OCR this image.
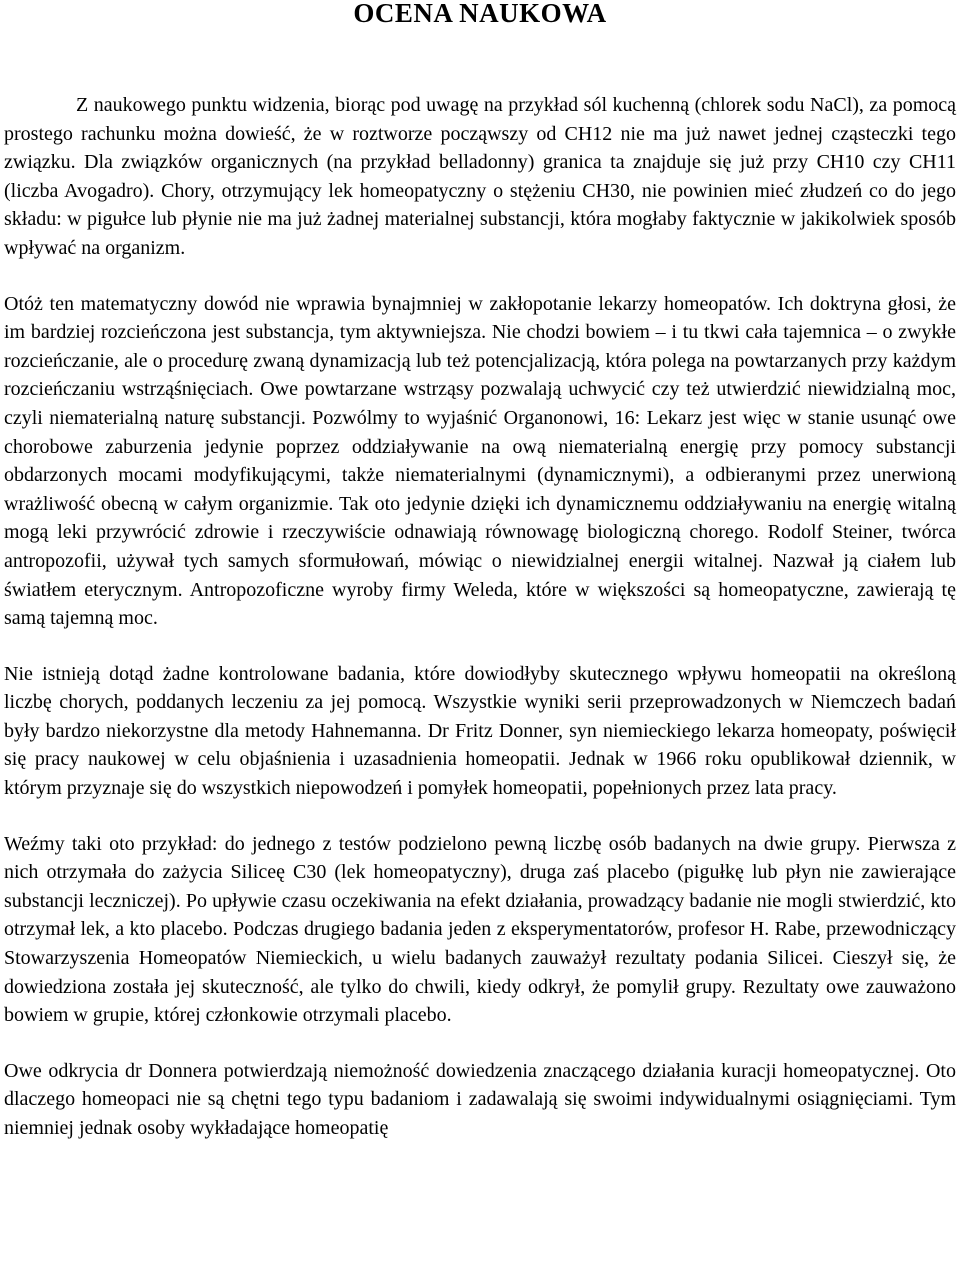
OCENA NAUKOWA

Z naukowego punktu widzenia, biorąc pod uwagę na przykład sól kuchenną (chlorek sodu NaCl), za pomocą prostego rachunku można dowieść, że w roztworze począwszy od CH12 nie ma już nawet jednej cząsteczki tego związku. Dla związków organicznych (na przykład belladonny) granica ta znajduje się już przy CH10 czy CH11 (liczba Avogadro). Chory, otrzymujący lek homeopatyczny o stężeniu CH30, nie powinien mieć złudzeń co do jego składu: w pigułce lub płynie nie ma już żadnej materialnej substancji, która mogłaby faktycznie w jakikolwiek sposób wpływać na organizm.

Otóż ten matematyczny dowód nie wprawia bynajmniej w zakłopotanie lekarzy homeopatów. Ich doktryna głosi, że im bardziej rozcieńczona jest substancja, tym aktywniejsza. Nie chodzi bowiem – i tu tkwi cała tajemnica – o zwykłe rozcieńczanie, ale o procedurę zwaną dynamizacją lub też potencjalizacją, która polega na powtarzanych przy każdym rozcieńczaniu wstrząśnięciach. Owe powtarzane wstrząsy pozwalają uchwycić czy też utwierdzić niewidzialną moc, czyli niematerialną naturę substancji. Pozwólmy to wyjaśnić Organonowi, 16: Lekarz jest więc w stanie usunąć owe chorobowe zaburzenia jedynie poprzez oddziaływanie na ową niematerialną energię przy pomocy substancji obdarzonych mocami modyfikującymi, także niematerialnymi (dynamicznymi), a odbieranymi przez unerwioną wrażliwość obecną w całym organizmie. Tak oto jedynie dzięki ich dynamicznemu oddziaływaniu na energię witalną mogą leki przywrócić zdrowie i rzeczywiście odnawiają równowagę biologiczną chorego. Rodolf Steiner, twórca antropozofii, używał tych samych sformułowań, mówiąc o niewidzialnej energii witalnej. Nazwał ją ciałem lub światłem eterycznym. Antropozoficzne wyroby firmy Weleda, które w większości są homeopatyczne, zawierają tę samą tajemną moc.

Nie istnieją dotąd żadne kontrolowane badania, które dowiodłyby skutecznego wpływu homeopatii na określoną liczbę chorych, poddanych leczeniu za jej pomocą. Wszystkie wyniki serii przeprowadzonych w Niemczech badań były bardzo niekorzystne dla metody Hahnemanna. Dr Fritz Donner, syn niemieckiego lekarza homeopaty, poświęcił się pracy naukowej w celu objaśnienia i uzasadnienia homeopatii. Jednak w 1966 roku opublikował dziennik, w którym przyznaje się do wszystkich niepowodzeń i pomyłek homeopatii, popełnionych przez lata pracy.

Weźmy taki oto przykład: do jednego z testów podzielono pewną liczbę osób badanych na dwie grupy. Pierwsza z nich otrzymała do zażycia Siliceę C30 (lek homeopatyczny), druga zaś placebo (pigułkę lub płyn nie zawierające substancji leczniczej). Po upływie czasu oczekiwania na efekt działania, prowadzący badanie nie mogli stwierdzić, kto otrzymał lek, a kto placebo. Podczas drugiego badania jeden z eksperymentatorów, profesor H. Rabe, przewodniczący Stowarzyszenia Homeopatów Niemieckich, u wielu badanych zauważył rezultaty podania Silicei. Cieszył się, że dowiedziona została jej skuteczność, ale tylko do chwili, kiedy odkrył, że pomylił grupy. Rezultaty owe zauważono bowiem w grupie, której członkowie otrzymali placebo.

Owe odkrycia dr Donnera potwierdzają niemożność dowiedzenia znaczącego działania kuracji homeopatycznej. Oto dlaczego homeopaci nie są chętni tego typu badaniom i zadawalają się swoimi indywidualnymi osiągnięciami. Tym niemniej jednak osoby wykładające homeopatię
